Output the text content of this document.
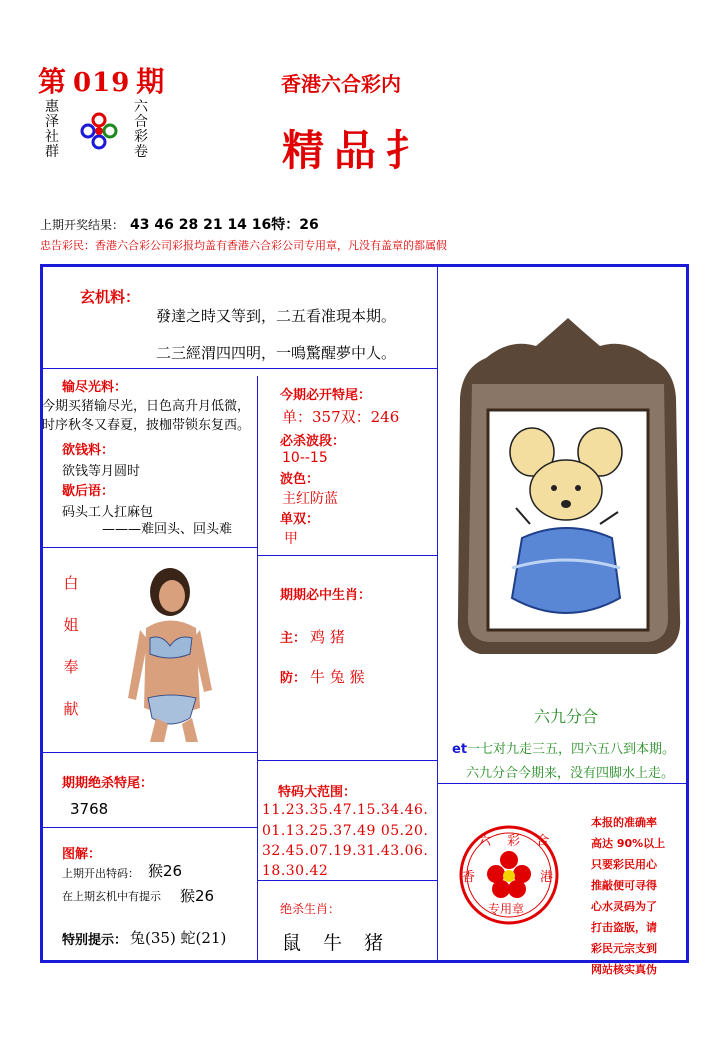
第 019 期
惠泽社群
六合彩卷
香港六合彩内
精品扌
上期开奖结果： 43 46 28 21 14 16特：26
忠告彩民：香港六合彩公司彩报均盖有香港六合彩公司专用章，凡没有盖章的都属假
玄机料：
發達之時又等到，二五看准現本期。
二三經渭四四明，一鳴驚醒夢中人。
输尽光料：
今期买猪输尽光，日色高升月低微，
时序秋冬又春夏，披枷带锁东复西。
欲钱料：
欲钱等月圆时
歇后语：
码头工人扛麻包
———难回头、回头难
白姐奉献
期期绝杀特尾：
3768
图解：
上期开出特码： 猴26
在上期玄机中有提示 猴26
特别提示： 兔(35) 蛇(21)
今期必开特尾：
单：357双：246
必杀波段：
10--15
波色：
主红防蓝
单双：
甲
期期必中生肖：
主： 鸡 猪
防： 牛 兔 猴
特码大范围：
11.23.35.47.15.34.46.
01.13.25.37.49 05.20.
32.45.07.19.31.43.06.
18.30.42
绝杀生肖：
鼠 牛 猪
六九分合
et一七对九走三五，四六五八到本期。
六九分合今期来，没有四脚水上走。
六 彩 合
香	港
专用章
本报的准确率
高达 90%以上
只要彩民用心
推敲便可寻得
心水灵码为了
打击盗版，请
彩民元宗支到
网站核实真伪
